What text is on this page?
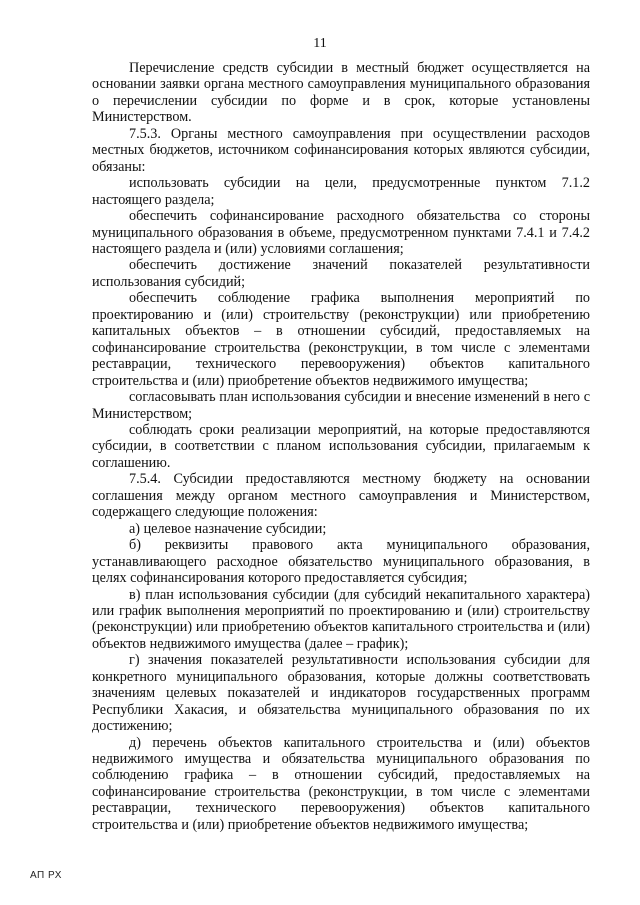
11

Перечисление средств субсидии в местный бюджет осуществляется на основании заявки органа местного самоуправления муниципального образования о перечислении субсидии по форме и в срок, которые установлены Министерством.

7.5.3. Органы местного самоуправления при осуществлении расходов местных бюджетов, источником софинансирования которых являются субсидии, обязаны:

использовать субсидии на цели, предусмотренные пунктом 7.1.2 настоящего раздела;

обеспечить софинансирование расходного обязательства со стороны муниципального образования в объеме, предусмотренном пунктами 7.4.1 и 7.4.2 настоящего раздела и (или) условиями соглашения;

обеспечить достижение значений показателей результативности использования субсидий;

обеспечить соблюдение графика выполнения мероприятий по проектированию и (или) строительству (реконструкции) или приобретению капитальных объектов – в отношении субсидий, предоставляемых на софинансирование строительства (реконструкции, в том числе с элементами реставрации, технического перевооружения) объектов капитального строительства и (или) приобретение объектов недвижимого имущества;

согласовывать план использования субсидии и внесение изменений в него с Министерством;

соблюдать сроки реализации мероприятий, на которые предоставляются субсидии, в соответствии с планом использования субсидии, прилагаемым к соглашению.

7.5.4. Субсидии предоставляются местному бюджету на основании соглашения между органом местного самоуправления и Министерством, содержащего следующие положения:

а) целевое назначение субсидии;

б) реквизиты правового акта муниципального образования, устанавливающего расходное обязательство муниципального образования, в целях софинансирования которого предоставляется субсидия;

в) план использования субсидии (для субсидий некапитального характера) или график выполнения мероприятий по проектированию и (или) строительству (реконструкции) или приобретению объектов капитального строительства и (или) объектов недвижимого имущества (далее – график);

г) значения показателей результативности использования субсидии для конкретного муниципального образования, которые должны соответствовать значениям целевых показателей и индикаторов государственных программ Республики Хакасия, и обязательства муниципального образования по их достижению;

д) перечень объектов капитального строительства и (или) объектов недвижимого имущества и обязательства муниципального образования по соблюдению графика – в отношении субсидий, предоставляемых на софинансирование строительства (реконструкции, в том числе с элементами реставрации, технического перевооружения) объектов капитального строительства и (или) приобретение объектов недвижимого имущества;

АП РХ
